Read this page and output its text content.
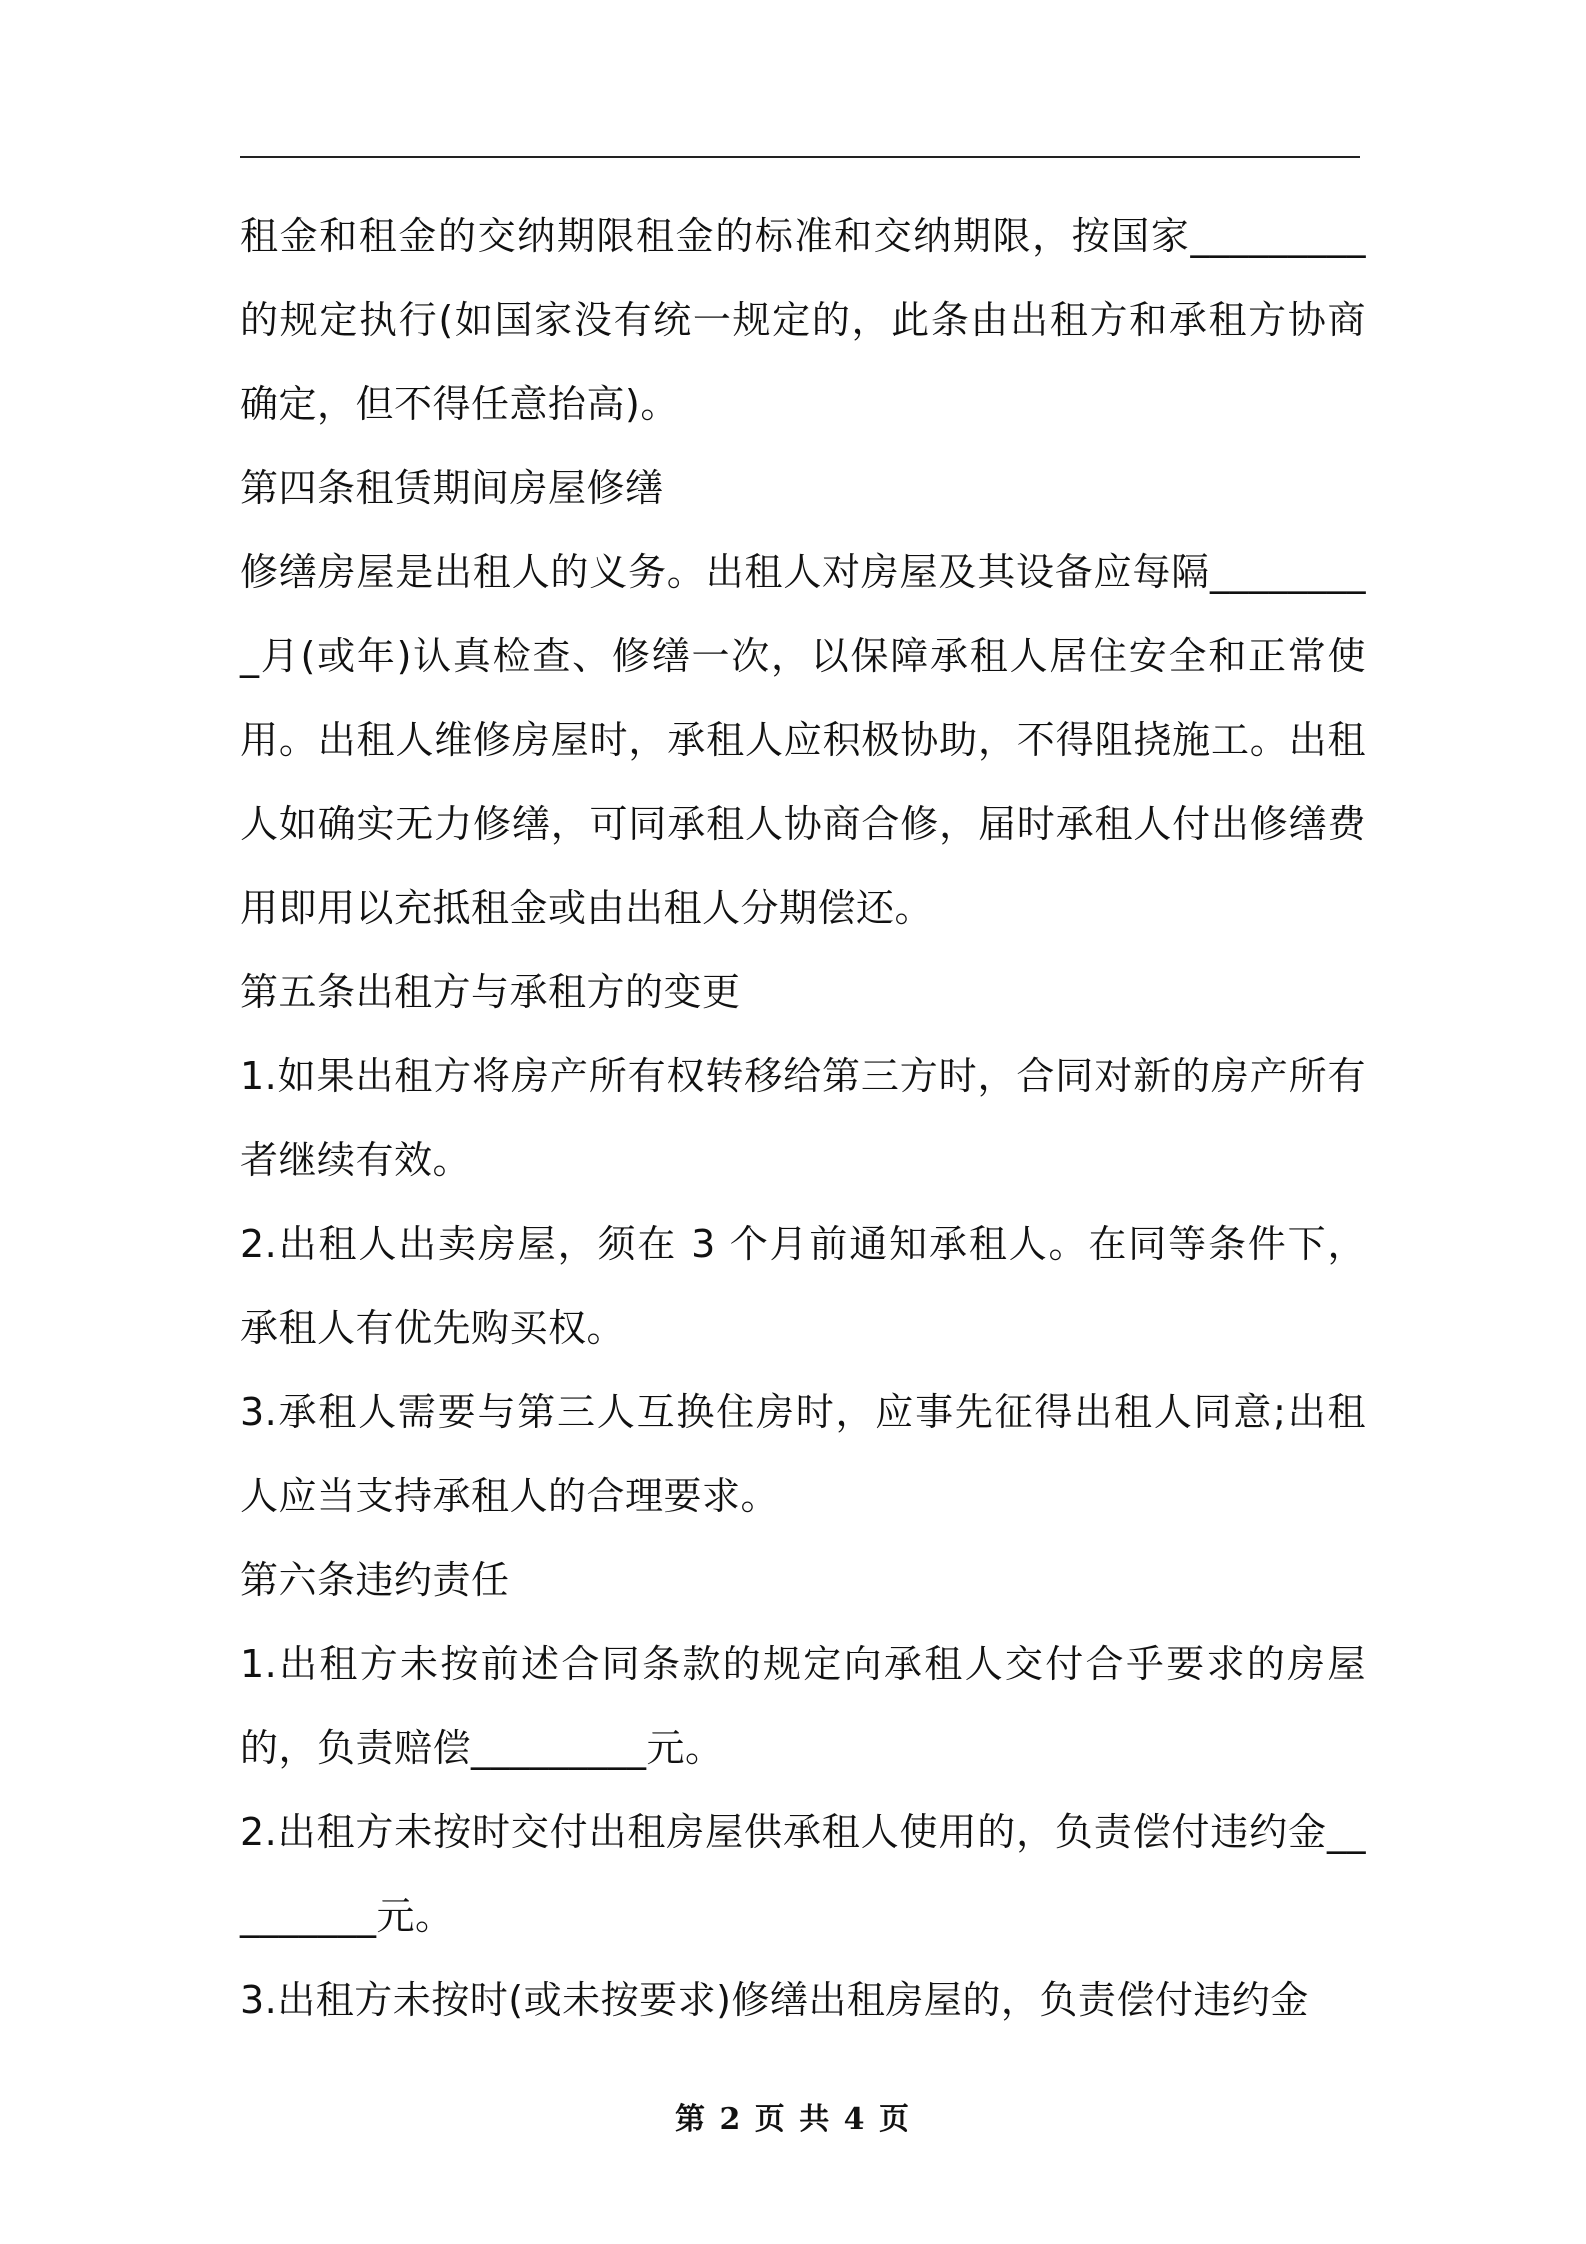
租金和租金的交纳期限租金的标准和交纳期限，按国家_________的规定执行(如国家没有统一规定的，此条由出租方和承租方协商确定，但不得任意抬高)。

第四条租赁期间房屋修缮

修缮房屋是出租人的义务。出租人对房屋及其设备应每隔_________月(或年)认真检查、修缮一次，以保障承租人居住安全和正常使用。出租人维修房屋时，承租人应积极协助，不得阻挠施工。出租人如确实无力修缮，可同承租人协商合修，届时承租人付出修缮费用即用以充抵租金或由出租人分期偿还。

第五条出租方与承租方的变更

1.如果出租方将房产所有权转移给第三方时，合同对新的房产所有者继续有效。

2.出租人出卖房屋，须在 3 个月前通知承租人。在同等条件下，承租人有优先购买权。

3.承租人需要与第三人互换住房时，应事先征得出租人同意;出租人应当支持承租人的合理要求。

第六条违约责任

1.出租方未按前述合同条款的规定向承租人交付合乎要求的房屋的，负责赔偿_________元。

2.出租方未按时交付出租房屋供承租人使用的，负责偿付违约金_________元。

3.出租方未按时(或未按要求)修缮出租房屋的，负责偿付违约金

第 2 页 共 4 页
